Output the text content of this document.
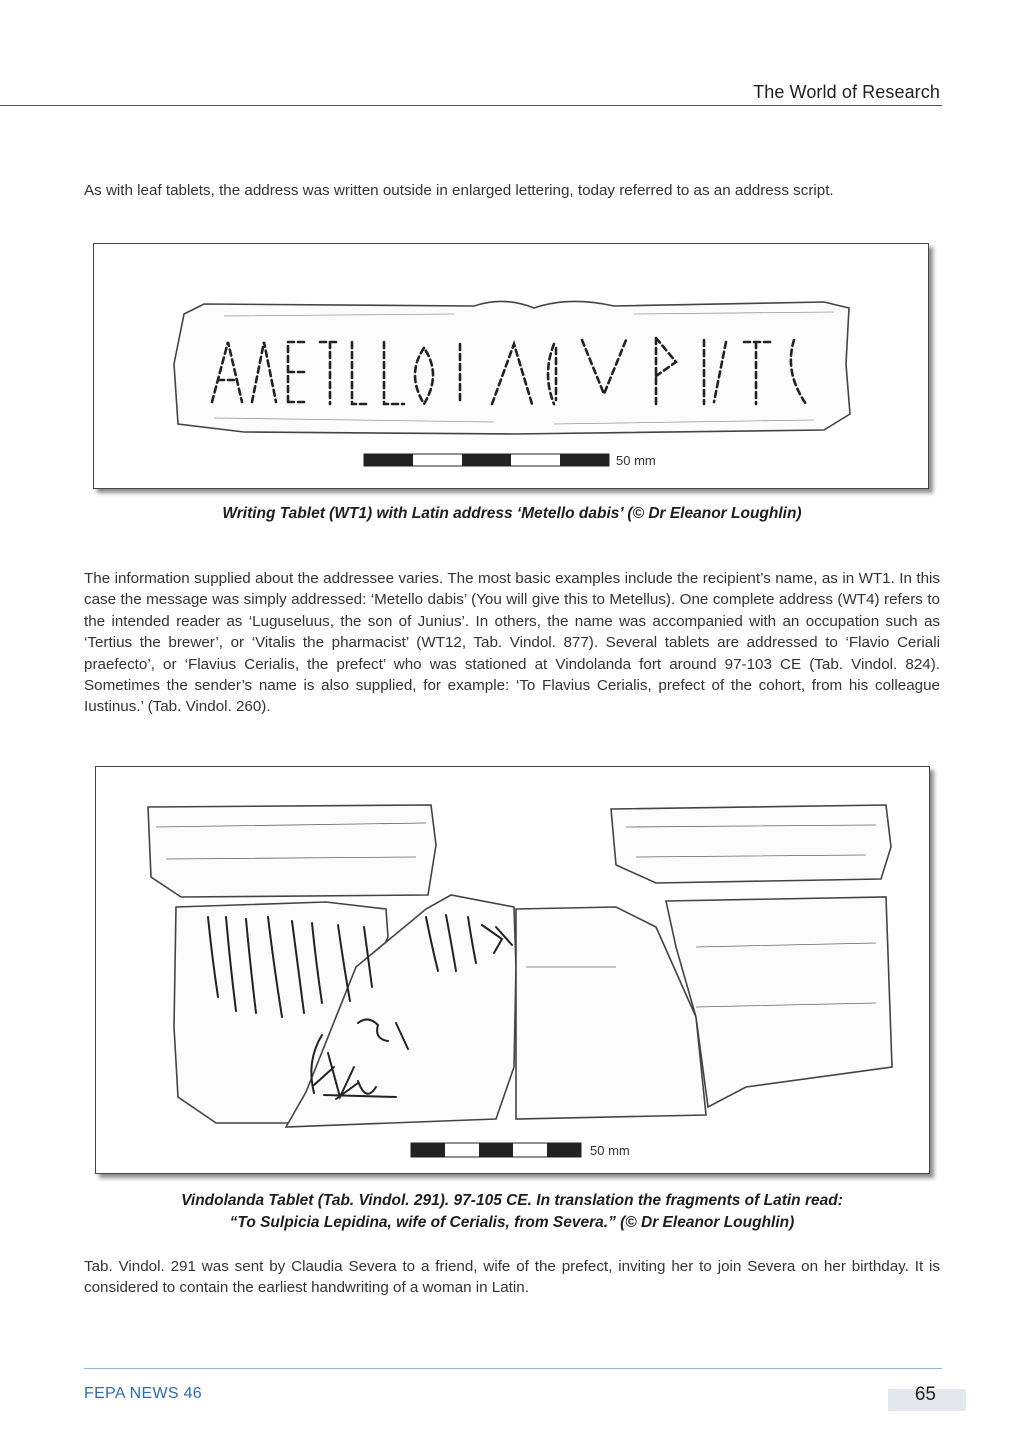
The World of Research

As with leaf tablets, the address was written outside in enlarged lettering, today referred to as an address script.

50 mm

Writing Tablet (WT1) with Latin address ‘Metello dabis’ (© Dr Eleanor Loughlin)

The information supplied about the addressee varies. The most basic examples include the recipient’s name, as in WT1. In this case the message was simply addressed: ‘Metello dabis’ (You will give this to Metellus). One complete address (WT4) refers to the intended reader as ‘Luguseluus, the son of Junius’. In others, the name was accompanied with an occupation such as ‘Tertius the brewer’, or ‘Vitalis the pharmacist’ (WT12, Tab. Vindol. 877). Several tablets are addressed to ‘Flavio Ceriali praefecto’, or ‘Flavius Cerialis, the prefect’ who was stationed at Vindolanda fort around 97-103 CE (Tab. Vindol. 824). Sometimes the sender’s name is also supplied, for example: ‘To Flavius Cerialis, prefect of the cohort, from his colleague Iustinus.’ (Tab. Vindol. 260).

50 mm

Vindolanda Tablet (Tab. Vindol. 291). 97-105 CE. In translation the fragments of Latin read:

“To Sulpicia Lepidina, wife of Cerialis, from Severa.” (© Dr Eleanor Loughlin)

Tab. Vindol. 291 was sent by Claudia Severa to a friend, wife of the prefect, inviting her to join Severa on her birthday. It is considered to contain the earliest handwriting of a woman in Latin.

FEPA NEWS 46	65
